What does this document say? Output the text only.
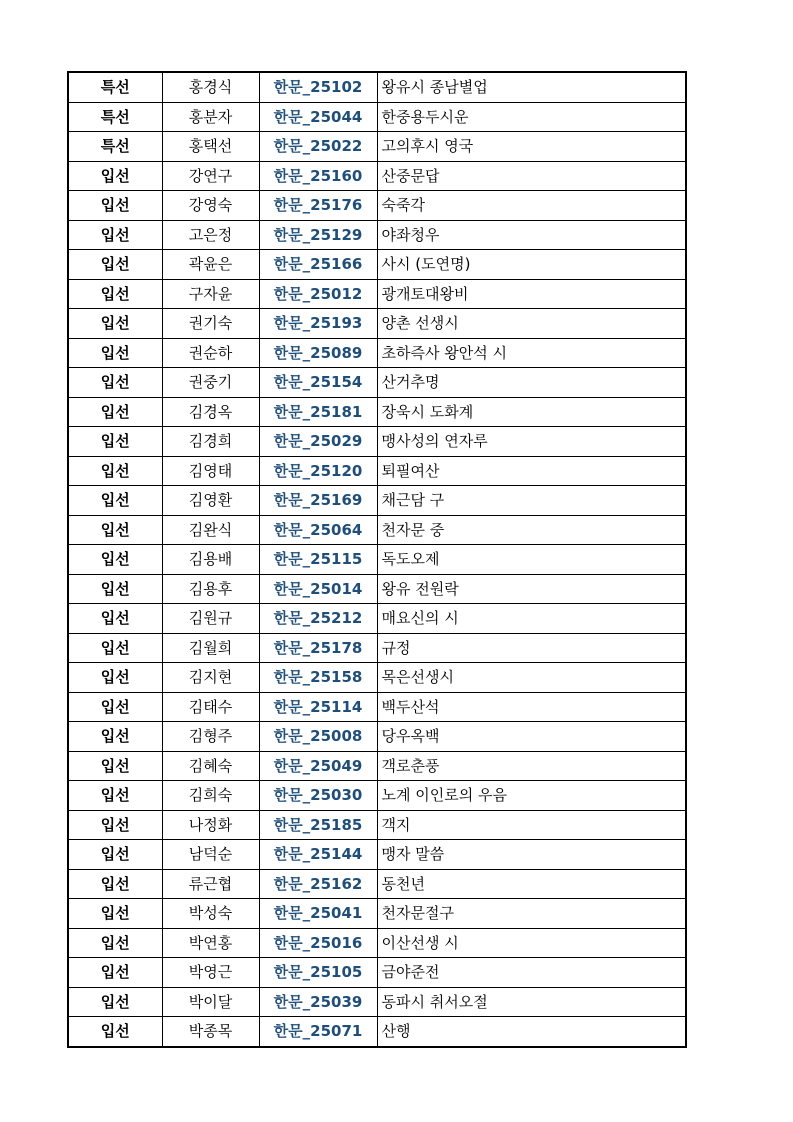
특선	홍경식	한문_25102	왕유시 종남별업
특선	홍분자	한문_25044	한중용두시운
특선	홍택선	한문_25022	고의후시 영국
입선	강연구	한문_25160	산중문답
입선	강영숙	한문_25176	숙죽각
입선	고은정	한문_25129	야좌청우
입선	곽윤은	한문_25166	사시 (도연명)
입선	구자윤	한문_25012	광개토대왕비
입선	권기숙	한문_25193	양촌 선생시
입선	권순하	한문_25089	초하즉사 왕안석 시
입선	권중기	한문_25154	산거추명
입선	김경옥	한문_25181	장욱시 도화계
입선	김경희	한문_25029	맹사성의 연자루
입선	김영태	한문_25120	퇴필여산
입선	김영환	한문_25169	채근담 구
입선	김완식	한문_25064	천자문 중
입선	김용배	한문_25115	독도오제
입선	김용후	한문_25014	왕유 전원락
입선	김원규	한문_25212	매요신의 시
입선	김월희	한문_25178	규정
입선	김지현	한문_25158	목은선생시
입선	김태수	한문_25114	백두산석
입선	김형주	한문_25008	당우옥백
입선	김혜숙	한문_25049	객로춘풍
입선	김희숙	한문_25030	노계 이인로의 우음
입선	나정화	한문_25185	객지
입선	남덕순	한문_25144	맹자 말씀
입선	류근협	한문_25162	동천년
입선	박성숙	한문_25041	천자문절구
입선	박연홍	한문_25016	이산선생 시
입선	박영근	한문_25105	금야준전
입선	박이달	한문_25039	동파시 취서오절
입선	박종목	한문_25071	산행
